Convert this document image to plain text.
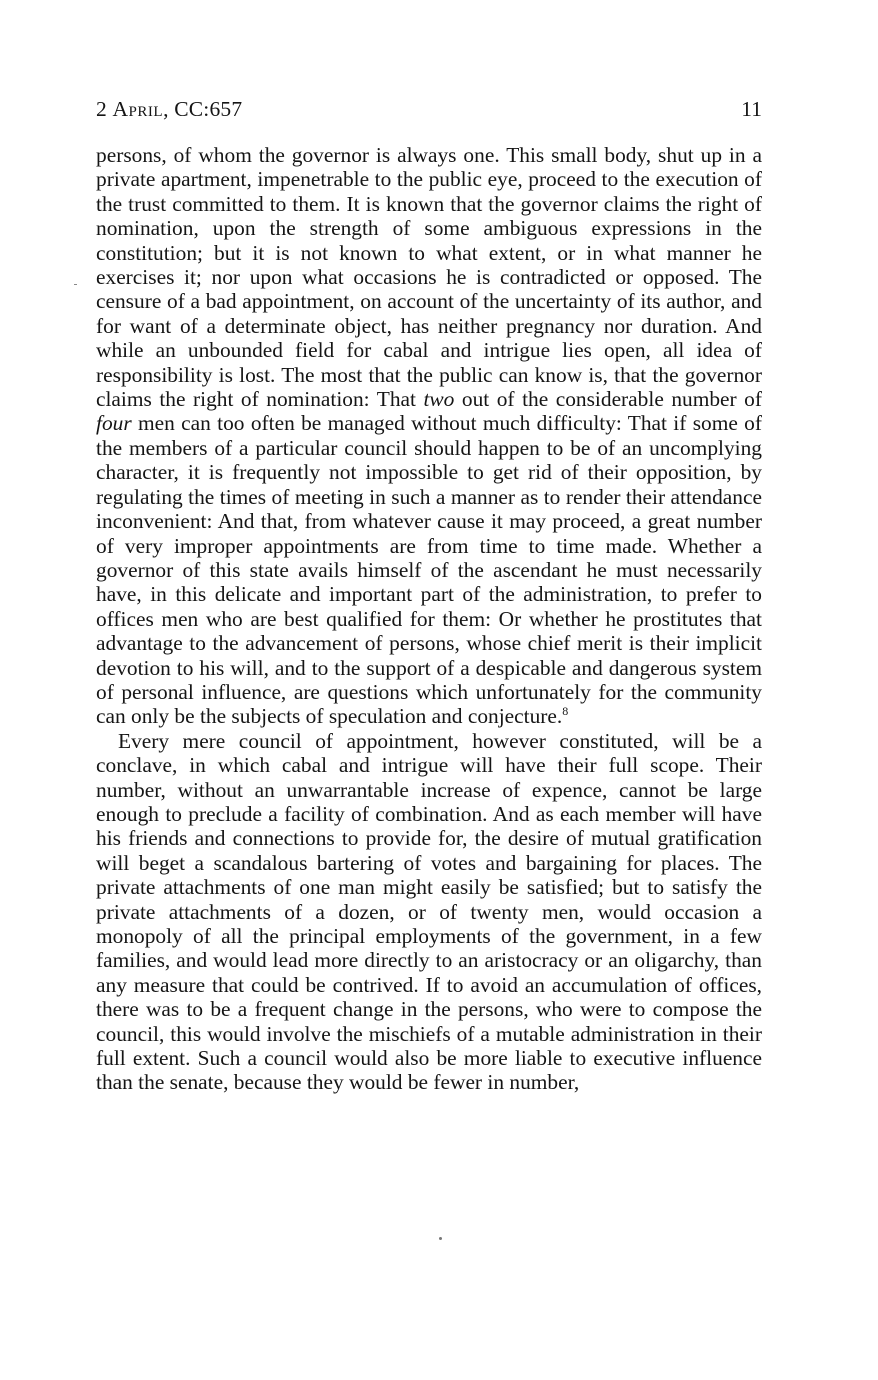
2 April, CC:657	11

persons, of whom the governor is always one. This small body, shut up in a private apartment, impenetrable to the public eye, proceed to the execution of the trust committed to them. It is known that the governor claims the right of nomination, upon the strength of some ambiguous expressions in the constitution; but it is not known to what extent, or in what manner he exercises it; nor upon what occasions he is contradicted or opposed. The censure of a bad appointment, on account of the uncertainty of its author, and for want of a determinate object, has neither pregnancy nor duration. And while an unbounded field for cabal and intrigue lies open, all idea of responsibility is lost. The most that the public can know is, that the governor claims the right of nomination: That two out of the considerable number of four men can too often be managed without much difficulty: That if some of the members of a particular council should happen to be of an uncomplying character, it is frequently not impossible to get rid of their opposition, by regulating the times of meeting in such a manner as to render their attendance inconvenient: And that, from whatever cause it may proceed, a great number of very improper appointments are from time to time made. Whether a governor of this state avails himself of the ascendant he must necessarily have, in this delicate and important part of the administration, to prefer to offices men who are best qualified for them: Or whether he prostitutes that advantage to the advancement of persons, whose chief merit is their implicit devotion to his will, and to the support of a despicable and dangerous system of personal influence, are questions which unfortunately for the community can only be the subjects of speculation and conjecture.$^8$

Every mere council of appointment, however constituted, will be a conclave, in which cabal and intrigue will have their full scope. Their number, without an unwarrantable increase of expence, cannot be large enough to preclude a facility of combination. And as each member will have his friends and connections to provide for, the desire of mutual gratification will beget a scandalous bartering of votes and bargaining for places. The private attachments of one man might easily be satisfied; but to satisfy the private attachments of a dozen, or of twenty men, would occasion a monopoly of all the principal employments of the government, in a few families, and would lead more directly to an aristocracy or an oligarchy, than any measure that could be contrived. If to avoid an accumulation of offices, there was to be a frequent change in the persons, who were to compose the council, this would involve the mischiefs of a mutable administration in their full extent. Such a council would also be more liable to executive influence than the senate, because they would be fewer in number,
